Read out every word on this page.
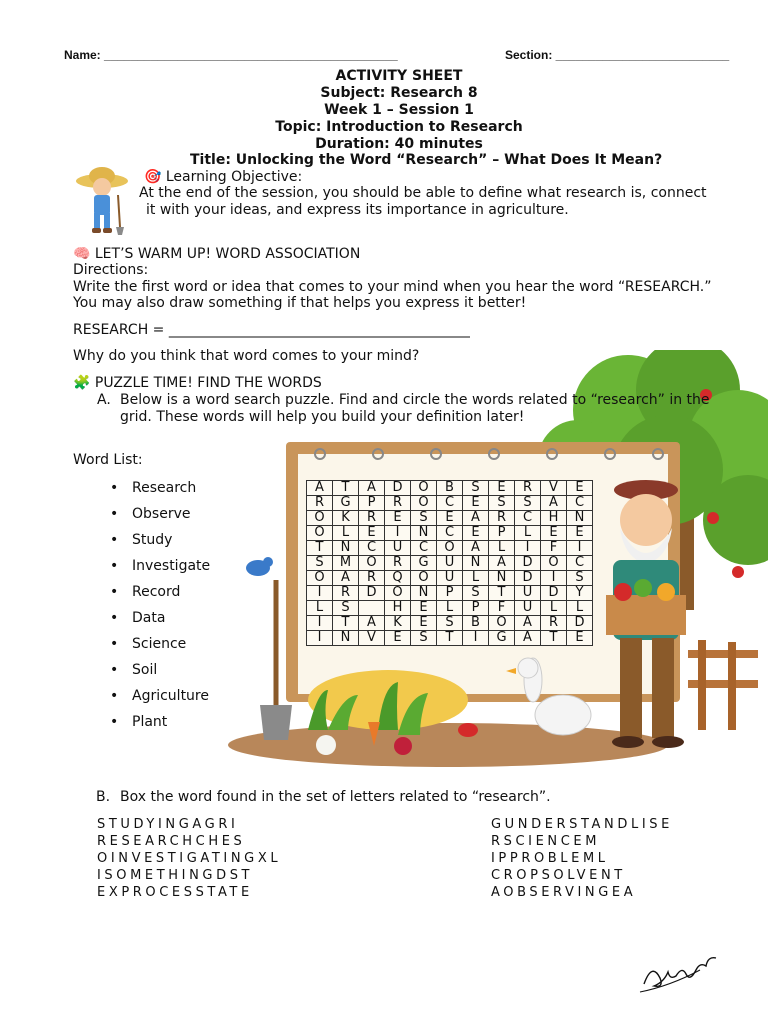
Name: ____________________________________________	Section: __________________________
ACTIVITY SHEET
Subject: Research 8
Week 1 – Session 1
Topic: Introduction to Research
Duration: 40 minutes
Title: Unlocking the Word “Research” – What Does It Mean?
🎯 Learning Objective:
At the end of the session, you should be able to define what research is, connect
it with your ideas, and express its importance in agriculture.
🧠 LET’S WARM UP! WORD ASSOCIATION
Directions:
Write the first word or idea that comes to your mind when you hear the word “RESEARCH.”
You may also draw something if that helps you express it better!
RESEARCH = ___________________________________________
Why do you think that word comes to your mind?
🧩 PUZZLE TIME! FIND THE WORDS
A. Below is a word search puzzle. Find and circle the words related to “research” in the
grid. These words will help you build your definition later!
Word List:
• Research
• Observe
• Study
• Investigate
• Record
• Data
• Science
• Soil
• Agriculture
• Plant
A	T	A	D	O	B	S	E	R	V	E
R	G	P	R	O	C	E	S	S	A	C
O	K	R	E	S	E	A	R	C	H	N
O	L	E	I	N	C	E	P	L	E	E
T	N	C	U	C	O	A	L	I	F	I
S	M	O	R	G	U	N	A	D	O	C
O	A	R	Q	O	U	L	N	D	I	S
I	R	D	O	N	P	S	T	U	D	Y
L	S		H	E	L	P	F	U	L	L
I	T	A	K	E	S	B	O	A	R	D
I	N	V	E	S	T	I	G	A	T	E
B. Box the word found in the set of letters related to “research”.
STUDYINGAGRI
RESEARCHCHES
OINVESTIGATINGXL
ISOMETHINGDST
EXPROCESSTATE
GUNDERSTANDLISE
RSCIENCEM
IPPROBLEML
CROPSOLVENT
AOBSERVINGEA
